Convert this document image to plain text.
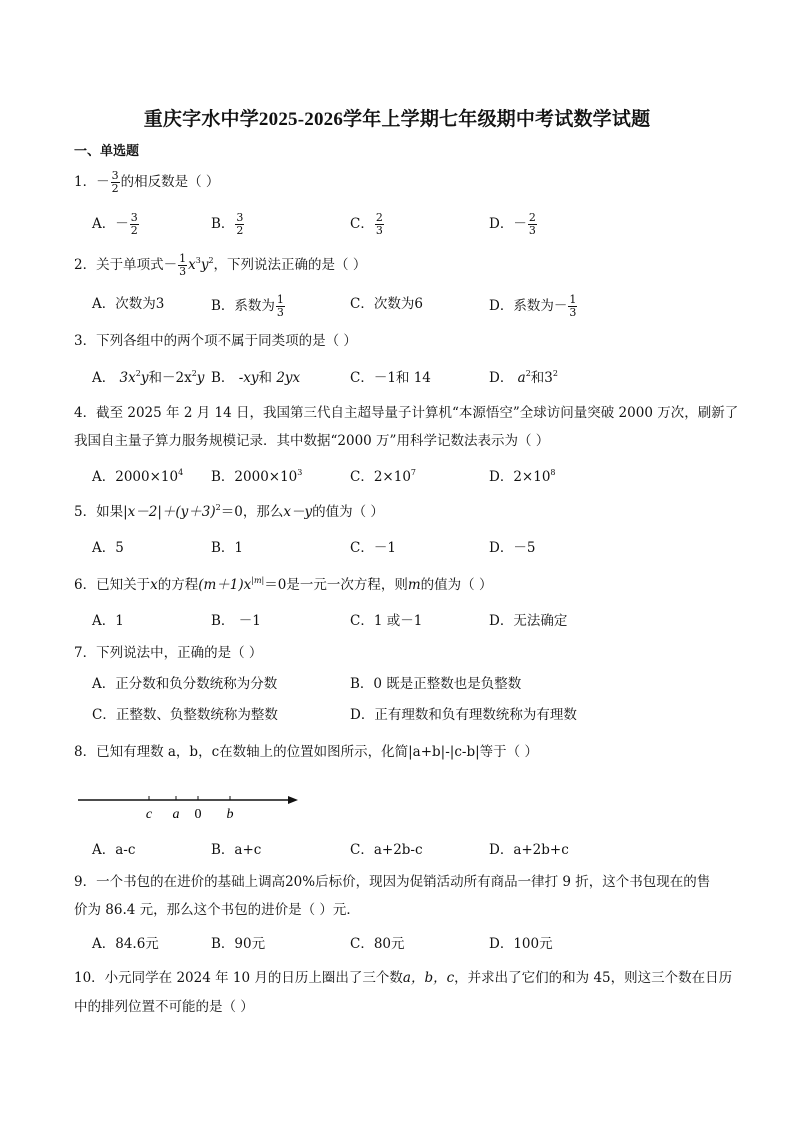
重庆字水中学2025-2026学年上学期七年级期中考试数学试题
一、单选题
1．－ $\frac{3}{2}$ 的相反数是（ ）
A．－ $\frac{3}{2}$	B． $\frac{3}{2}$	C． $\frac{2}{3}$	D．－ $\frac{2}{3}$
2．关于单项式－ $\frac{1}{3} x^3y^2$，下列说法正确的是（ ）
A．次数为3	B．系数为 $\frac{1}{3}$	C．次数为6	D．系数为－ $\frac{1}{3}$
3．下列各组中的两个项不属于同类项的是（ ）
A． $3x^2y$和$-2x^2y$ B． -xy和 2yx	C．－1和 14	D． $a^2$和$3^2$
4．截至 2025 年 2 月 14 日，我国第三代自主超导量子计算机“本源悟空”全球访问量突破 2000 万次，刷新了
我国自主量子算力服务规模记录．其中数据“2000 万”用科学记数法表示为（ ）
A．$2000\times 10^4$ B．$2000\times 10^3$	C．$2\times 10^7$	D．$2\times 10^8$
5．如果$|x-2|+(y+3)^2=0$，那么x－y的值为（ ）
A．5	B．1	C．－1	D．－5
6．已知关于x的方程$(m+1)x^{|m|}=0$是一元一次方程，则m的值为（ ）
A．1	B． －1	C．1 或－1	D．无法确定
7．下列说法中，正确的是（ ）
A．正分数和负分数统称为分数	B．0 既是正整数也是负整数
C．正整数、负整数统称为整数	D．正有理数和负有理数统称为有理数
8．已知有理数 a，b，c在数轴上的位置如图所示，化简|a+b|-|c-b|等于（ ）
c a 0 b
A．a-c	B．a+c	C．a+2b-c	D．a+2b+c
9．一个书包的在进价的基础上调高20%后标价，现因为促销活动所有商品一律打 9 折，这个书包现在的售
价为 86.4 元，那么这个书包的进价是（ ）元．
A．84.6元	B．90元	C．80元	D．100元
10．小元同学在 2024 年 10 月的日历上圈出了三个数a，b，c，并求出了它们的和为 45，则这三个数在日历
中的排列位置不可能的是（ ）
